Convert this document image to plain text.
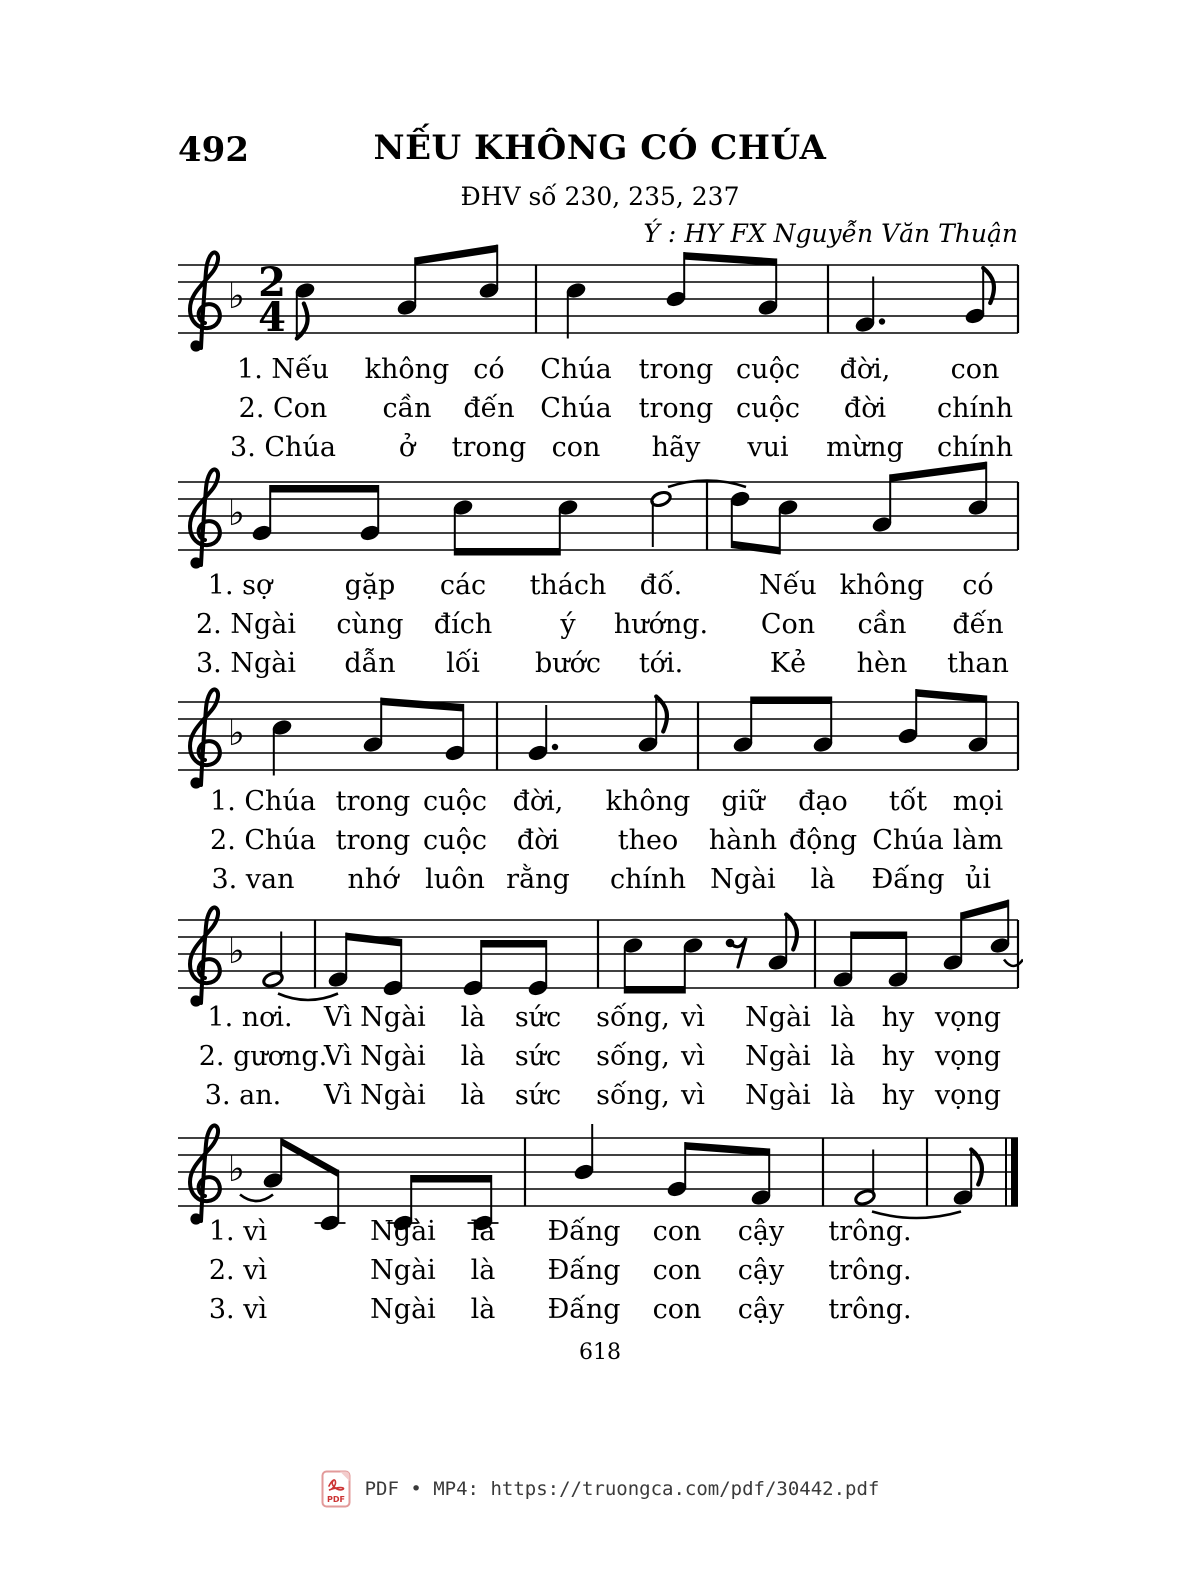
492	NẾU KHÔNG CÓ CHÚA
ĐHV số 230, 235, 237
Ý : HY FX Nguyễn Văn Thuận
♭ 2
4
♭
♭
♭
♭
618
PDF PDF • MP4: https://truongca.com/pdf/30442.pdf
1. Nếu không có Chúa trong cuộc đời, con
2. Con cần đến Chúa trong cuộc đời chính
3. Chúa ở trong con hãy vui mừng chính
1. sợ	gặp các thách đố.	Nếu không có
2. Ngài cùng đích	ý hướng. Con cần đến
3. Ngài dẫn lối bước tới.	Kẻ hèn than
1. Chúa trong cuộc đời, không giữ đạo tốt mọi
2. Chúa trong cuộc đời theo hành động Chúa làm
3. van nhớ luôn rằng chính Ngài là Đấng ủi
1. nơi. Vì Ngài là sức sống, vì Ngài là hy vọng
2. gương.
Vì Ngài là sức sống, vì Ngài là hy vọng
3. an. Vì Ngài là sức sống, vì Ngài là hy vọng
1. vì	Ngài là Đấng con cậy trông.
2. vì	Ngài là Đấng con cậy trông.
3. vì	Ngài là Đấng con cậy trông.
